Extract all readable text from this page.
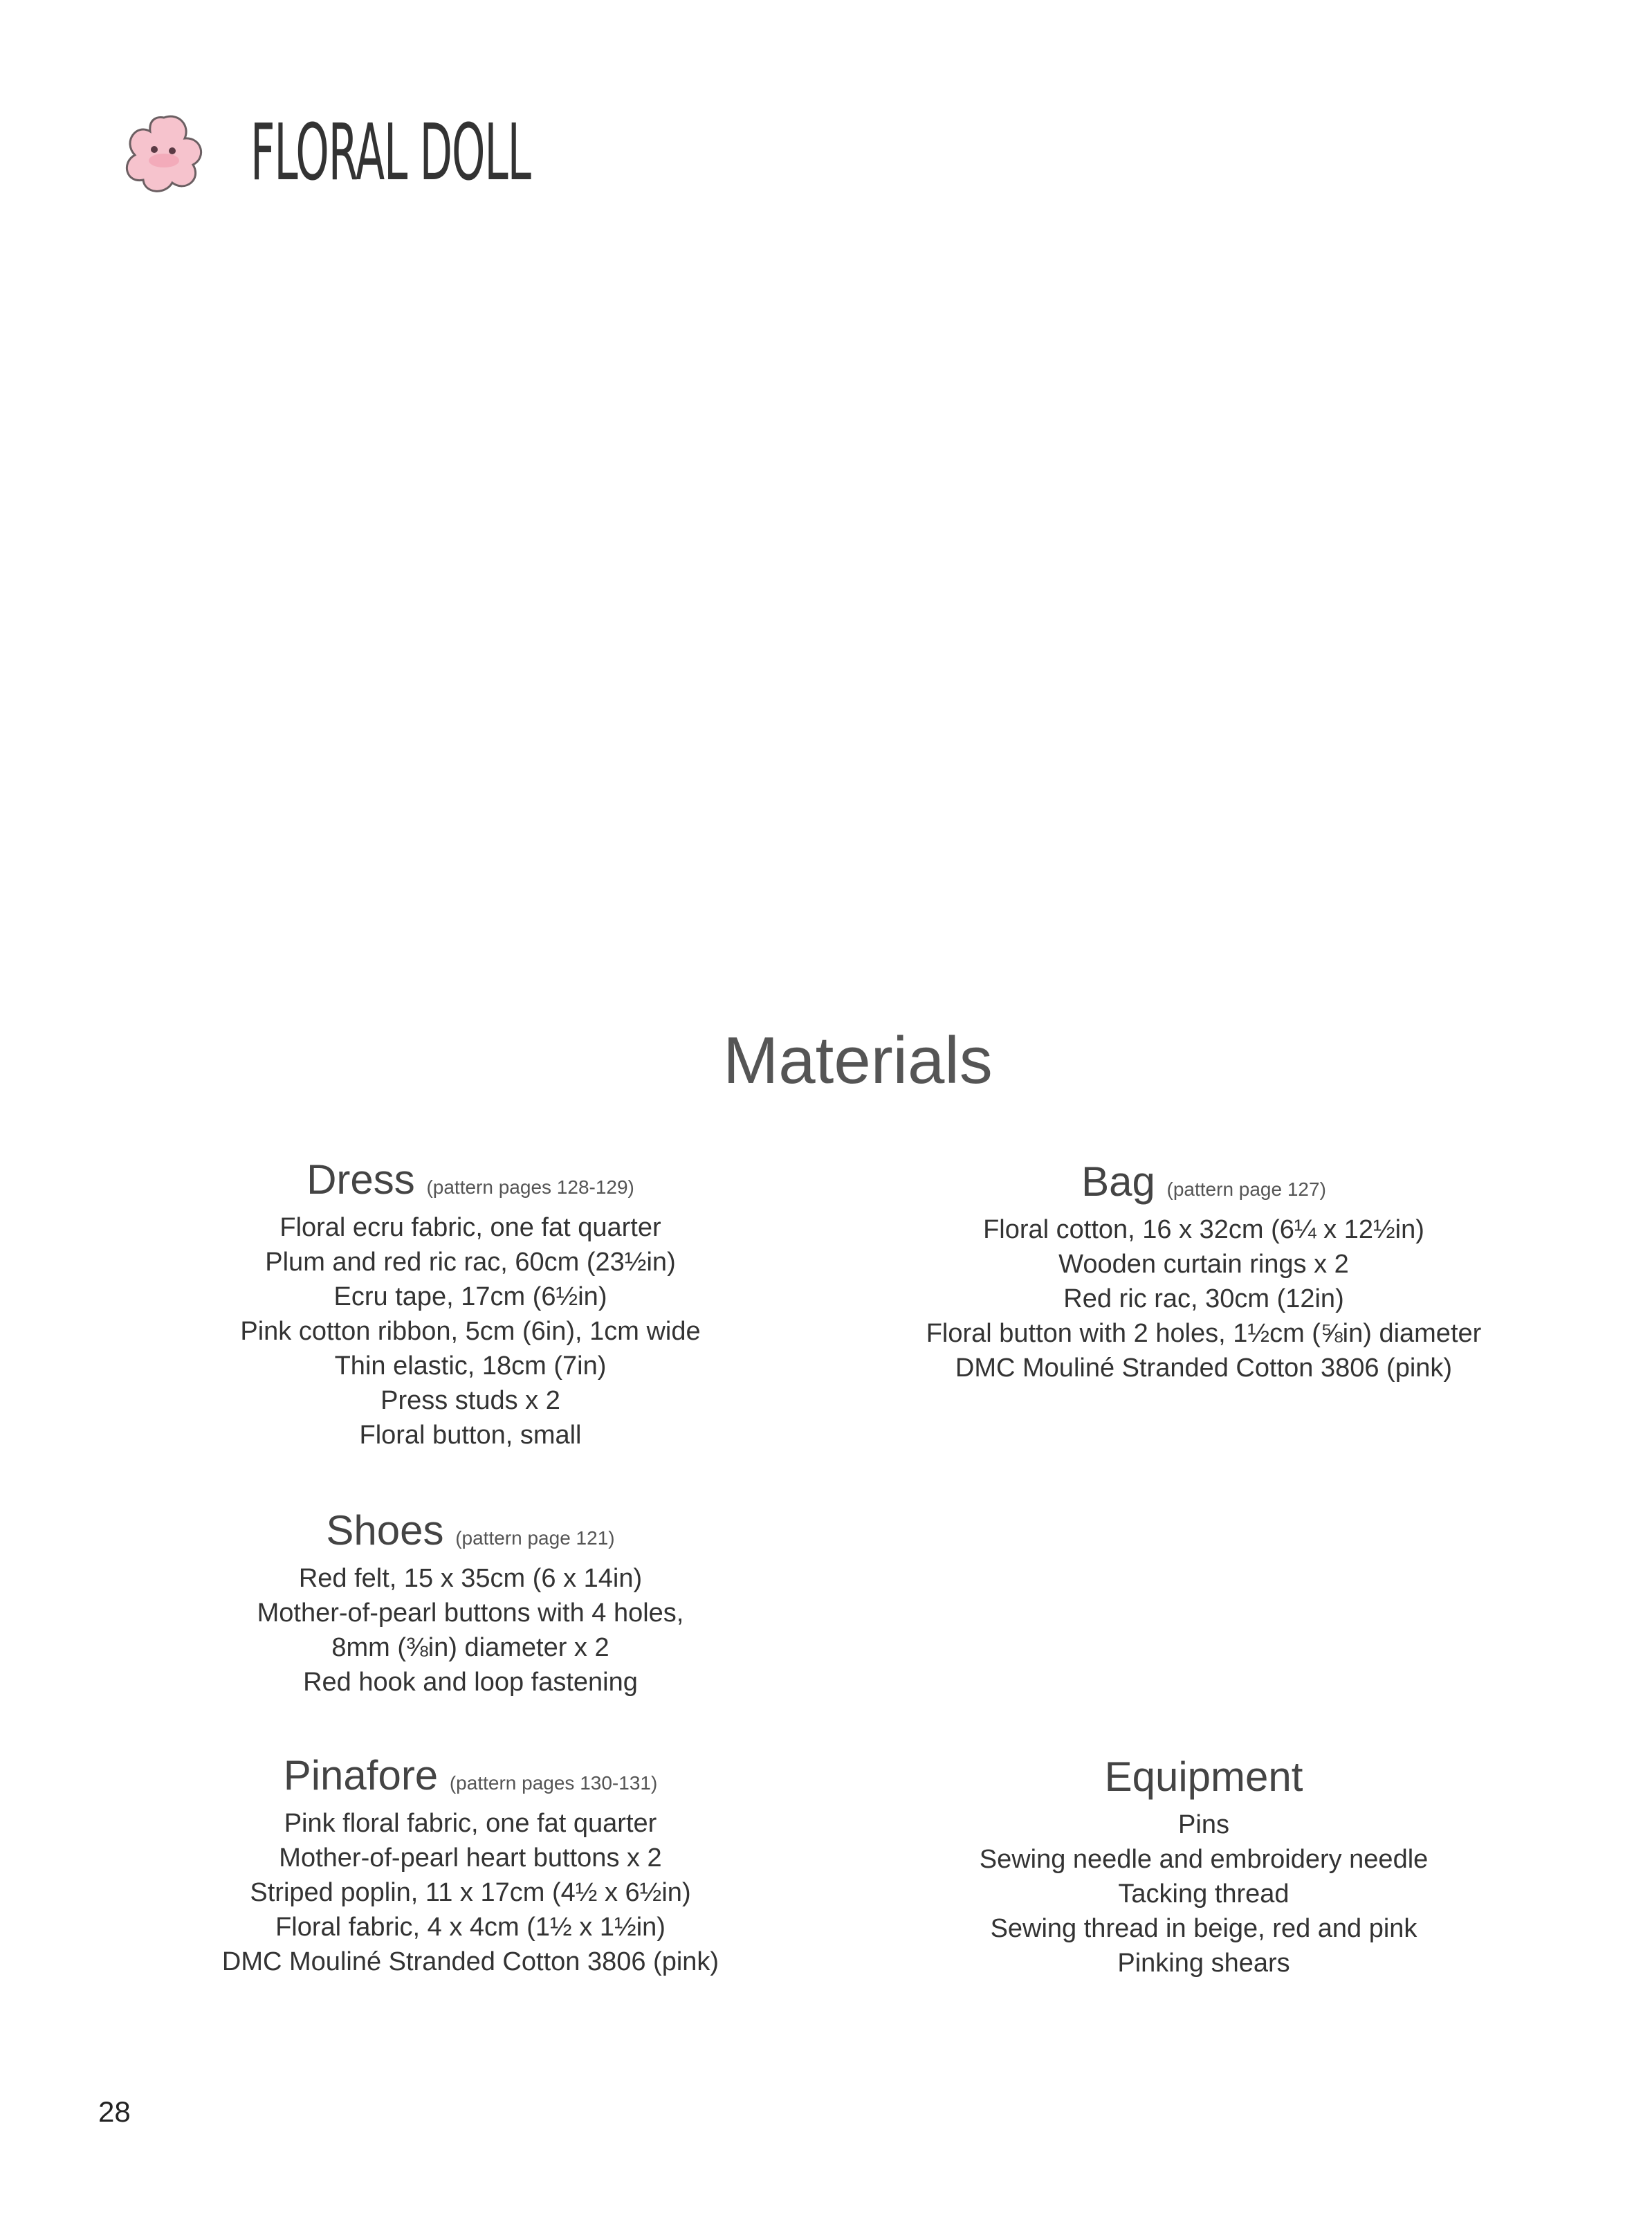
FLORAL DOLL
Materials
Dress (pattern pages 128-129)
Floral ecru fabric, one fat quarter
Plum and red ric rac, 60cm (23½in)
Ecru tape, 17cm (6½in)
Pink cotton ribbon, 5cm (6in), 1cm wide
Thin elastic, 18cm (7in)
Press studs x 2
Floral button, small
Shoes (pattern page 121)
Red felt, 15 x 35cm (6 x 14in)
Mother-of-pearl buttons with 4 holes,
8mm (⅜in) diameter x 2
Red hook and loop fastening
Pinafore (pattern pages 130-131)
Pink floral fabric, one fat quarter
Mother-of-pearl heart buttons x 2
Striped poplin, 11 x 17cm (4½ x 6½in)
Floral fabric, 4 x 4cm (1½ x 1½in)
DMC Mouliné Stranded Cotton 3806 (pink)
Bag (pattern page 127)
Floral cotton, 16 x 32cm (6¼ x 12½in)
Wooden curtain rings x 2
Red ric rac, 30cm (12in)
Floral button with 2 holes, 1½cm (⅝in) diameter
DMC Mouliné Stranded Cotton 3806 (pink)
Equipment
Pins
Sewing needle and embroidery needle
Tacking thread
Sewing thread in beige, red and pink
Pinking shears
28
